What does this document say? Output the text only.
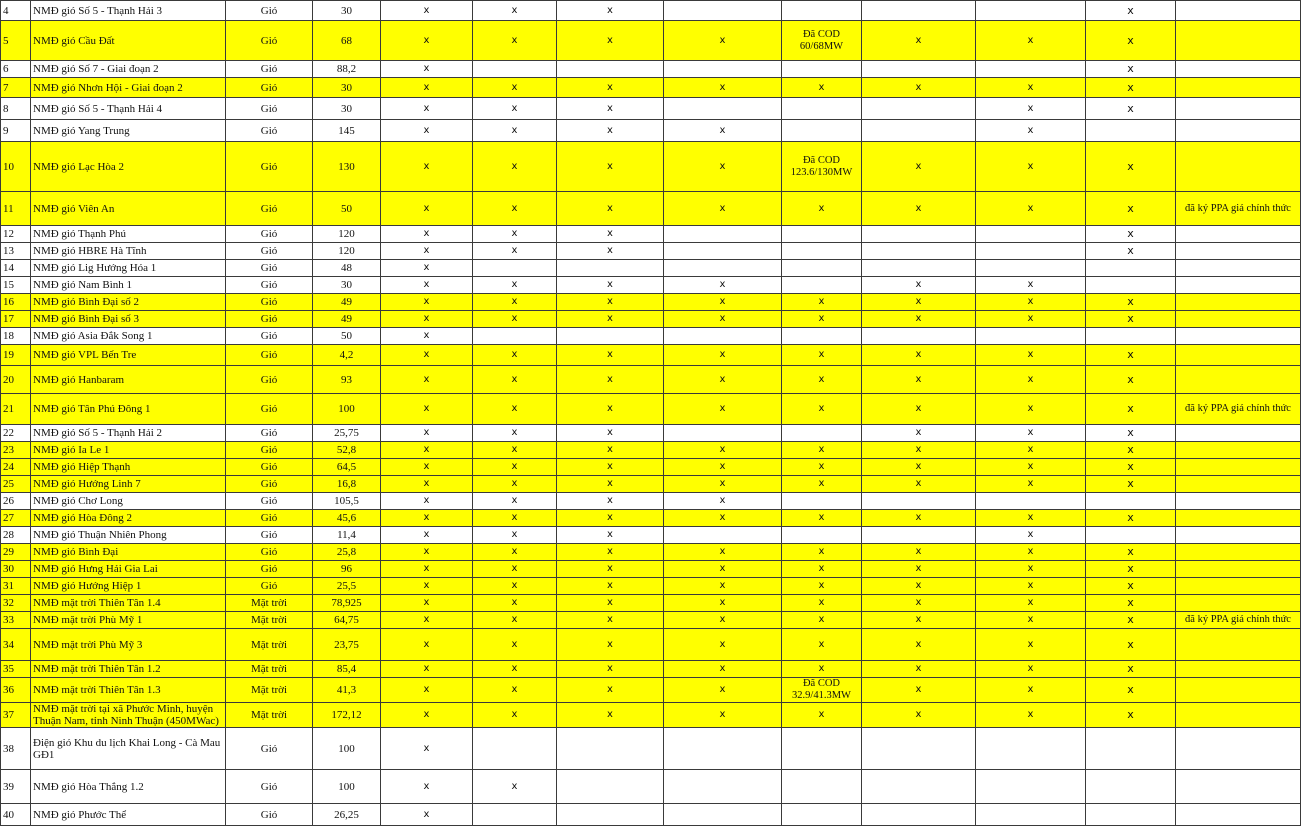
4	NMĐ gió Số 5 - Thạnh Hải 3	Gió	30	x	x	x					x	
5	NMĐ gió Cầu Đất	Gió	68	x	x	x	x	Đã COD 60/68MW	x	x	x	
6	NMĐ gió Số 7 - Giai đoạn 2	Gió	88,2	x							x	
7	NMĐ gió Nhơn Hội - Giai đoạn 2	Gió	30	x	x	x	x	x	x	x	x	
8	NMĐ gió Số 5 - Thạnh Hải 4	Gió	30	x	x	x				x	x	
9	NMĐ gió Yang Trung	Gió	145	x	x	x	x			x		
10	NMĐ gió Lạc Hòa 2	Gió	130	x	x	x	x	Đã COD 123.6/130MW	x	x	x	
11	NMĐ gió Viên An	Gió	50	x	x	x	x	x	x	x	x	đã ký PPA giá chính thức
12	NMĐ gió Thạnh Phú	Gió	120	x	x	x					x	
13	NMĐ gió HBRE Hà Tĩnh	Gió	120	x	x	x					x	
14	NMĐ gió Lig Hướng Hóa 1	Gió	48	x								
15	NMĐ gió Nam Bình 1	Gió	30	x	x	x	x		x	x		
16	NMĐ gió Bình Đại số 2	Gió	49	x	x	x	x	x	x	x	x	
17	NMĐ gió Bình Đại số 3	Gió	49	x	x	x	x	x	x	x	x	
18	NMĐ gió Asia Đắk Song 1	Gió	50	x								
19	NMĐ gió VPL Bến Tre	Gió	4,2	x	x	x	x	x	x	x	x	
20	NMĐ gió Hanbaram	Gió	93	x	x	x	x	x	x	x	x	
21	NMĐ gió Tân Phú Đông 1	Gió	100	x	x	x	x	x	x	x	x	đã ký PPA giá chính thức
22	NMĐ gió Số 5 - Thạnh Hải 2	Gió	25,75	x	x	x			x	x	x	
23	NMĐ gió Ia Le 1	Gió	52,8	x	x	x	x	x	x	x	x	
24	NMĐ gió Hiệp Thạnh	Gió	64,5	x	x	x	x	x	x	x	x	
25	NMĐ gió Hướng Linh 7	Gió	16,8	x	x	x	x	x	x	x	x	
26	NMĐ gió Chơ Long	Gió	105,5	x	x	x	x					
27	NMĐ gió Hòa Đông 2	Gió	45,6	x	x	x	x	x	x	x	x	
28	NMĐ gió Thuận Nhiên Phong	Gió	11,4	x	x	x				x		
29	NMĐ gió Bình Đại	Gió	25,8	x	x	x	x	x	x	x	x	
30	NMĐ gió Hưng Hải Gia Lai	Gió	96	x	x	x	x	x	x	x	x	
31	NMĐ gió Hướng Hiệp 1	Gió	25,5	x	x	x	x	x	x	x	x	
32	NMĐ mặt trời Thiên Tân 1.4	Mặt trời	78,925	x	x	x	x	x	x	x	x	
33	NMĐ mặt trời Phù Mỹ 1	Mặt trời	64,75	x	x	x	x	x	x	x	x	đã ký PPA giá chính thức
34	NMĐ mặt trời Phù Mỹ 3	Mặt trời	23,75	x	x	x	x	x	x	x	x	
35	NMĐ mặt trời Thiên Tân 1.2	Mặt trời	85,4	x	x	x	x	x	x	x	x	
36	NMĐ mặt trời Thiên Tân 1.3	Mặt trời	41,3	x	x	x	x	Đã COD 32.9/41.3MW	x	x	x	
37	NMĐ mặt trời tại xã Phước Minh, huyện Thuận Nam, tỉnh Ninh Thuận (450MWac)	Mặt trời	172,12	x	x	x	x	x	x	x	x	
38	Điện gió Khu du lịch Khai Long - Cà Mau GĐ1	Gió	100	x								
39	NMĐ gió Hòa Thắng 1.2	Gió	100	x	x							
40	NMĐ gió Phước Thể	Gió	26,25	x								
